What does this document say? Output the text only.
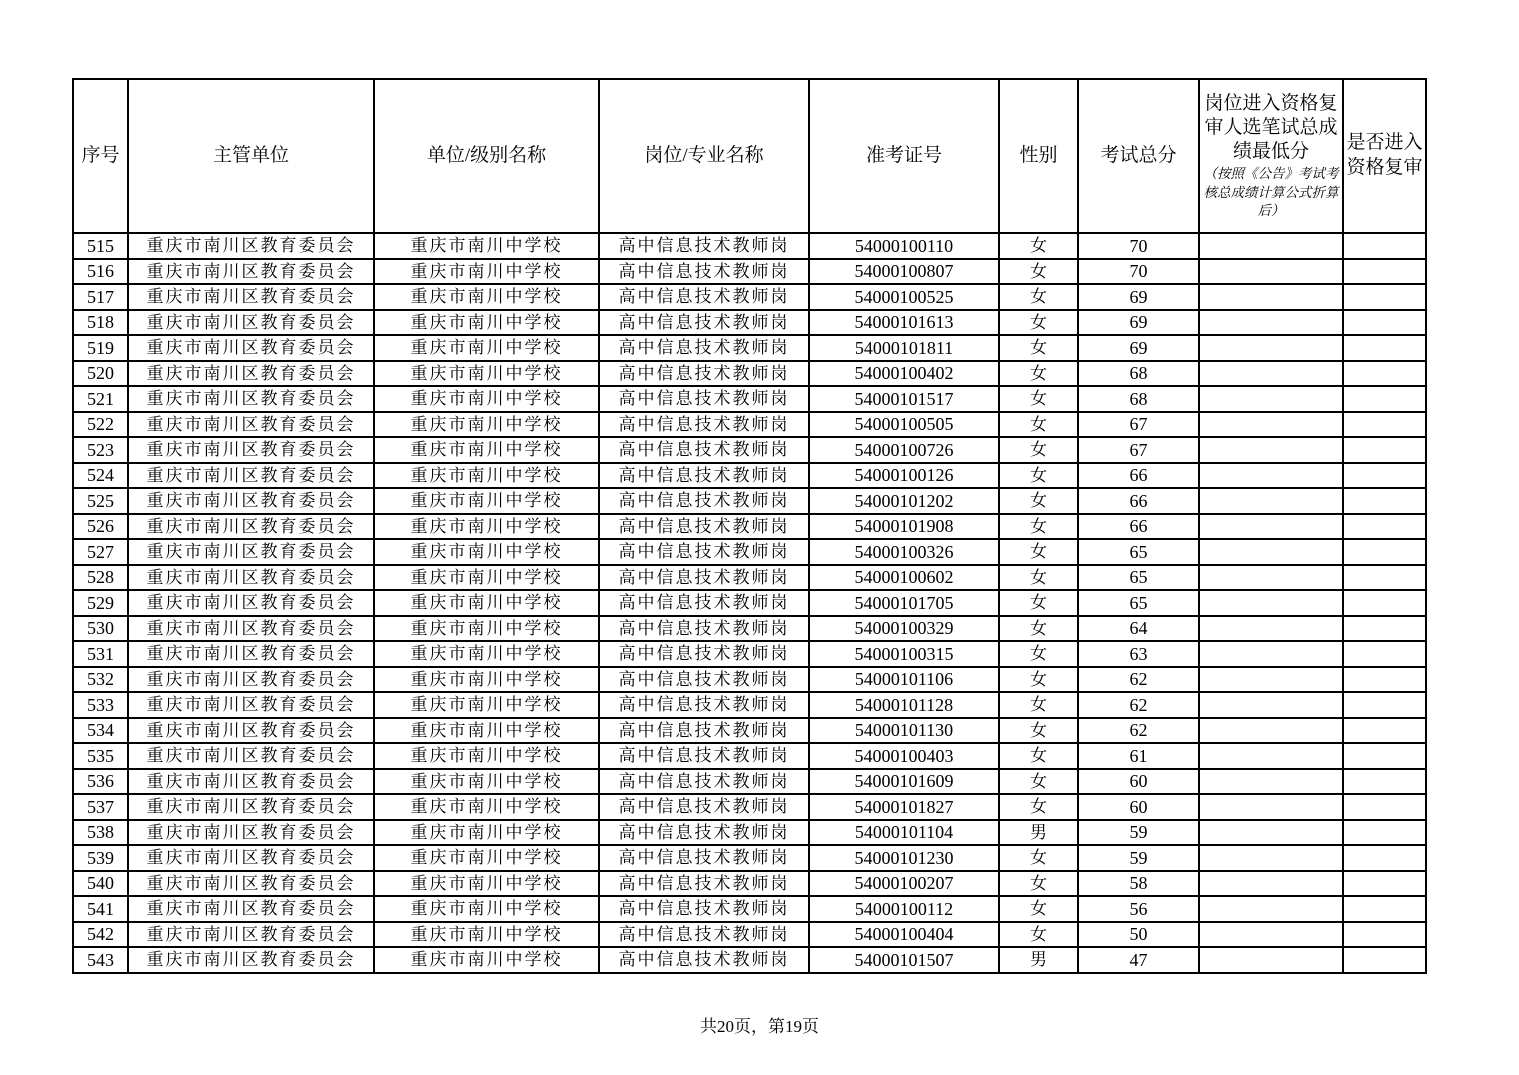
序号	主管单位	单位/级别名称	岗位/专业名称	准考证号	性别	考试总分	岗位进入资格复审人选笔试总成绩最低分
（按照《公告》考试考核总成绩计算公式折算后）	是否进入资格复审
515	重庆市南川区教育委员会	重庆市南川中学校	高中信息技术教师岗	54000100110	女	70		
516	重庆市南川区教育委员会	重庆市南川中学校	高中信息技术教师岗	54000100807	女	70		
517	重庆市南川区教育委员会	重庆市南川中学校	高中信息技术教师岗	54000100525	女	69		
518	重庆市南川区教育委员会	重庆市南川中学校	高中信息技术教师岗	54000101613	女	69		
519	重庆市南川区教育委员会	重庆市南川中学校	高中信息技术教师岗	54000101811	女	69		
520	重庆市南川区教育委员会	重庆市南川中学校	高中信息技术教师岗	54000100402	女	68		
521	重庆市南川区教育委员会	重庆市南川中学校	高中信息技术教师岗	54000101517	女	68		
522	重庆市南川区教育委员会	重庆市南川中学校	高中信息技术教师岗	54000100505	女	67		
523	重庆市南川区教育委员会	重庆市南川中学校	高中信息技术教师岗	54000100726	女	67		
524	重庆市南川区教育委员会	重庆市南川中学校	高中信息技术教师岗	54000100126	女	66		
525	重庆市南川区教育委员会	重庆市南川中学校	高中信息技术教师岗	54000101202	女	66		
526	重庆市南川区教育委员会	重庆市南川中学校	高中信息技术教师岗	54000101908	女	66		
527	重庆市南川区教育委员会	重庆市南川中学校	高中信息技术教师岗	54000100326	女	65		
528	重庆市南川区教育委员会	重庆市南川中学校	高中信息技术教师岗	54000100602	女	65		
529	重庆市南川区教育委员会	重庆市南川中学校	高中信息技术教师岗	54000101705	女	65		
530	重庆市南川区教育委员会	重庆市南川中学校	高中信息技术教师岗	54000100329	女	64		
531	重庆市南川区教育委员会	重庆市南川中学校	高中信息技术教师岗	54000100315	女	63		
532	重庆市南川区教育委员会	重庆市南川中学校	高中信息技术教师岗	54000101106	女	62		
533	重庆市南川区教育委员会	重庆市南川中学校	高中信息技术教师岗	54000101128	女	62		
534	重庆市南川区教育委员会	重庆市南川中学校	高中信息技术教师岗	54000101130	女	62		
535	重庆市南川区教育委员会	重庆市南川中学校	高中信息技术教师岗	54000100403	女	61		
536	重庆市南川区教育委员会	重庆市南川中学校	高中信息技术教师岗	54000101609	女	60		
537	重庆市南川区教育委员会	重庆市南川中学校	高中信息技术教师岗	54000101827	女	60		
538	重庆市南川区教育委员会	重庆市南川中学校	高中信息技术教师岗	54000101104	男	59		
539	重庆市南川区教育委员会	重庆市南川中学校	高中信息技术教师岗	54000101230	女	59		
540	重庆市南川区教育委员会	重庆市南川中学校	高中信息技术教师岗	54000100207	女	58		
541	重庆市南川区教育委员会	重庆市南川中学校	高中信息技术教师岗	54000100112	女	56		
542	重庆市南川区教育委员会	重庆市南川中学校	高中信息技术教师岗	54000100404	女	50		
543	重庆市南川区教育委员会	重庆市南川中学校	高中信息技术教师岗	54000101507	男	47		
共20页，第19页
